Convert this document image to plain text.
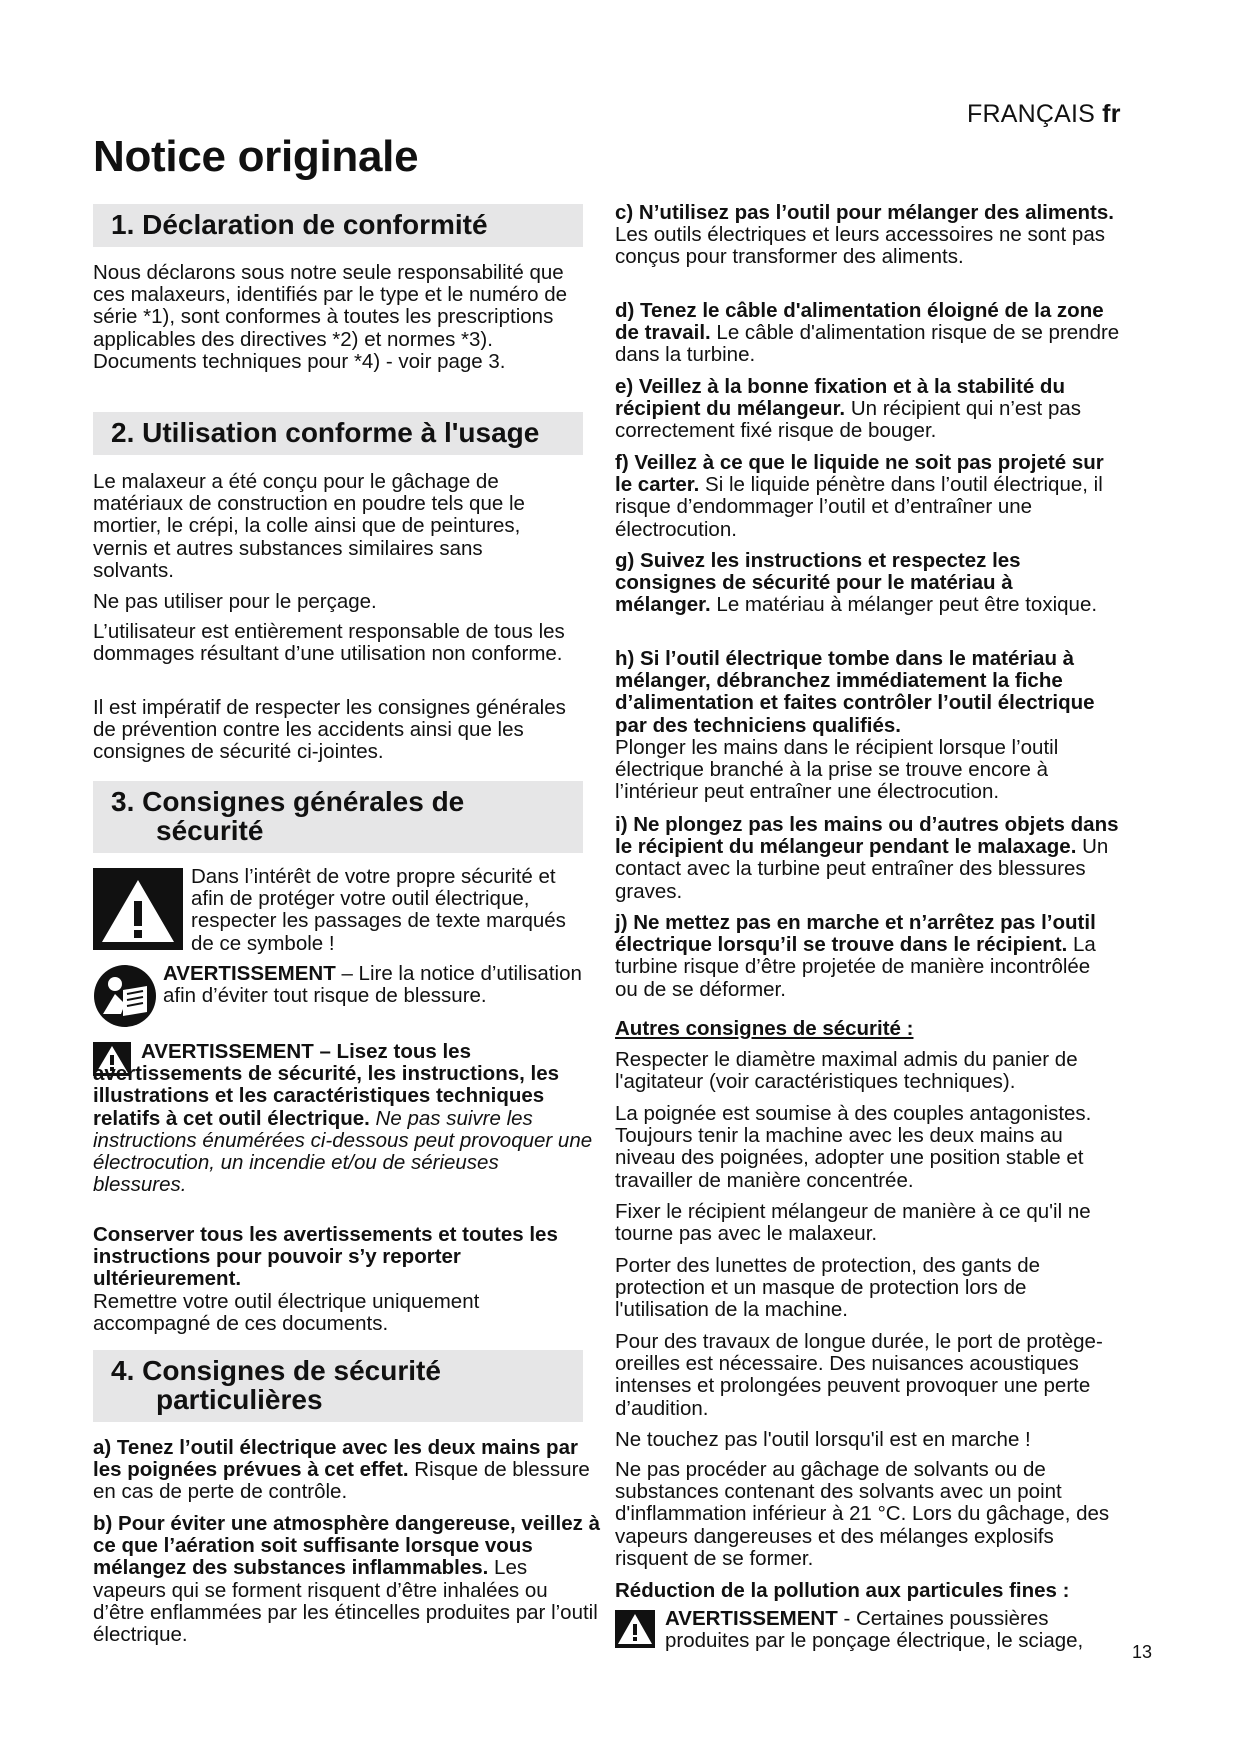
FRANÇAIS fr
Notice originale
1. Déclaration de conformité
Nous déclarons sous notre seule responsabilité que ces malaxeurs, identifiés par le type et le numéro de série *1), sont conformes à toutes les prescriptions applicables des directives *2) et normes *3). Documents techniques pour *4) - voir page 3.
2. Utilisation conforme à l'usage
Le malaxeur a été conçu pour le gâchage de matériaux de construction en poudre tels que le mortier, le crépi, la colle ainsi que de peintures, vernis et autres substances similaires sans solvants.
Ne pas utiliser pour le perçage.
L’utilisateur est entièrement responsable de tous les dommages résultant d’une utilisation non conforme.
Il est impératif de respecter les consignes générales de prévention contre les accidents ainsi que les consignes de sécurité ci-jointes.
3. Consignes générales de
sécurité
Dans l’intérêt de votre propre sécurité et afin de protéger votre outil électrique, respecter les passages de texte marqués de ce symbole !
AVERTISSEMENT – Lire la notice d’utilisation afin d’éviter tout risque de blessure.
AVERTISSEMENT – Lisez tous les avertissements de sécurité, les instructions, les illustrations et les caractéristiques techniques relatifs à cet outil électrique. Ne pas suivre les instructions énumérées ci-dessous peut provoquer une électrocution, un incendie et/ou de sérieuses blessures.
Conserver tous les avertissements et toutes les instructions pour pouvoir s’y reporter ultérieurement.
Remettre votre outil électrique uniquement accompagné de ces documents.
4. Consignes de sécurité
particulières
a) Tenez l’outil électrique avec les deux mains par les poignées prévues à cet effet. Risque de blessure en cas de perte de contrôle.
b) Pour éviter une atmosphère dangereuse, veillez à ce que l’aération soit suffisante lorsque vous mélangez des substances inflammables. Les vapeurs qui se forment risquent d’être inhalées ou d’être enflammées par les étincelles produites par l’outil électrique.
c) N’utilisez pas l’outil pour mélanger des aliments. Les outils électriques et leurs accessoires ne sont pas conçus pour transformer des aliments.
d) Tenez le câble d'alimentation éloigné de la zone de travail. Le câble d'alimentation risque de se prendre dans la turbine.
e) Veillez à la bonne fixation et à la stabilité du récipient du mélangeur. Un récipient qui n’est pas correctement fixé risque de bouger.
f) Veillez à ce que le liquide ne soit pas projeté sur le carter. Si le liquide pénètre dans l’outil électrique, il risque d’endommager l’outil et d’entraîner une électrocution.
g) Suivez les instructions et respectez les consignes de sécurité pour le matériau à mélanger. Le matériau à mélanger peut être toxique.
h) Si l’outil électrique tombe dans le matériau à mélanger, débranchez immédiatement la fiche d’alimentation et faites contrôler l’outil électrique par des techniciens qualifiés.
Plonger les mains dans le récipient lorsque l’outil électrique branché à la prise se trouve encore à l’intérieur peut entraîner une électrocution.
i) Ne plongez pas les mains ou d’autres objets dans le récipient du mélangeur pendant le malaxage. Un contact avec la turbine peut entraîner des blessures graves.
j) Ne mettez pas en marche et n’arrêtez pas l’outil électrique lorsqu’il se trouve dans le récipient. La turbine risque d’être projetée de manière incontrôlée ou de se déformer.
Autres consignes de sécurité :
Respecter le diamètre maximal admis du panier de l'agitateur (voir caractéristiques techniques).
La poignée est soumise à des couples antagonistes. Toujours tenir la machine avec les deux mains au niveau des poignées, adopter une position stable et travailler de manière concentrée.
Fixer le récipient mélangeur de manière à ce qu'il ne tourne pas avec le malaxeur.
Porter des lunettes de protection, des gants de protection et un masque de protection lors de l'utilisation de la machine.
Pour des travaux de longue durée, le port de protège-oreilles est nécessaire. Des nuisances acoustiques intenses et prolongées peuvent provoquer une perte d’audition.
Ne touchez pas l'outil lorsqu'il est en marche !
Ne pas procéder au gâchage de solvants ou de substances contenant des solvants avec un point d'inflammation inférieur à 21 °C. Lors du gâchage, des vapeurs dangereuses et des mélanges explosifs risquent de se former.
Réduction de la pollution aux particules fines :
AVERTISSEMENT - Certaines poussières produites par le ponçage électrique, le sciage,	13
